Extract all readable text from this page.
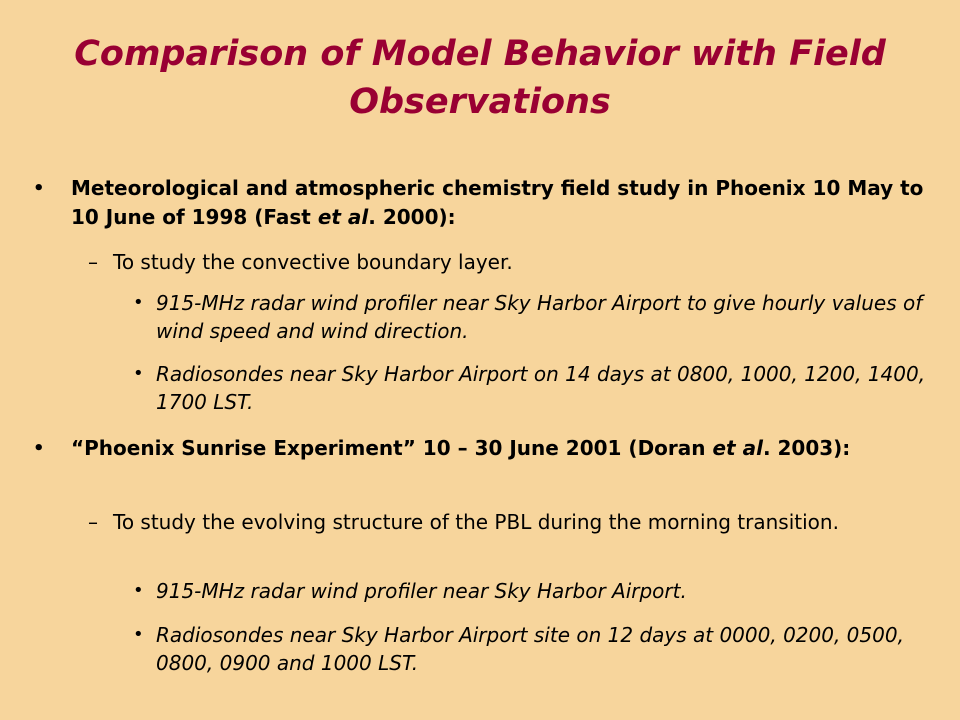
Comparison of Model Behavior with Field Observations
• Meteorological and atmospheric chemistry field study in Phoenix 10 May to 10 June of 1998 (Fast et al. 2000):
– To study the convective boundary layer.
• 915-MHz radar wind profiler near Sky Harbor Airport to give hourly values of wind speed and wind direction.
• Radiosondes near Sky Harbor Airport on 14 days at 0800, 1000, 1200, 1400, 1700 LST.
• “Phoenix Sunrise Experiment” 10 – 30 June 2001 (Doran et al. 2003):
– To study the evolving structure of the PBL during the morning transition.
• 915-MHz radar wind profiler near Sky Harbor Airport.
• Radiosondes near Sky Harbor Airport site on 12 days at 0000, 0200, 0500, 0800, 0900 and 1000 LST.
